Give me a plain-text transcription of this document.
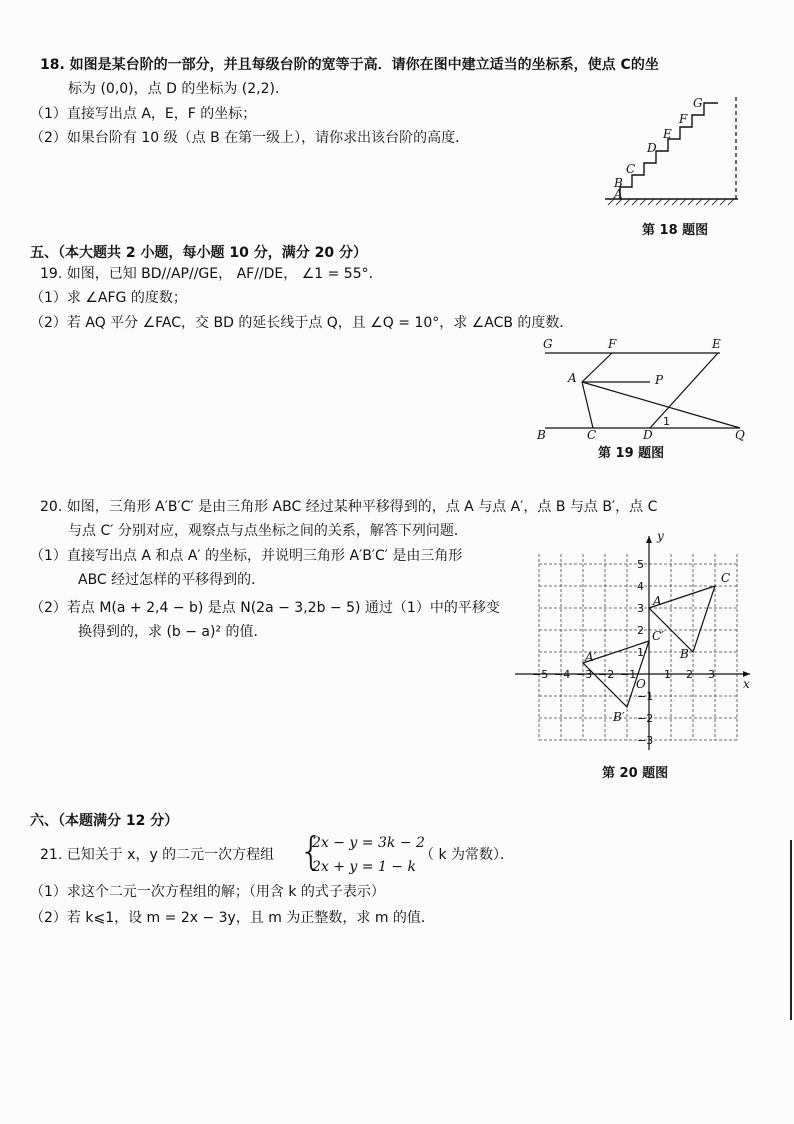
18. 如图是某台阶的一部分，并且每级台阶的宽等于高．请你在图中建立适当的坐标系，使点 C的坐
标为 (0,0)，点 D 的坐标为 (2,2)．
（1）直接写出点 A，E，F 的坐标；
（2）如果台阶有 10 级（点 B 在第一级上），请你求出该台阶的高度．
A
B
C
D
E
F
G
第 18 题图
五、（本大题共 2 小题，每小题 10 分，满分 20 分）
19. 如图，已知 BD//AP//GE， AF//DE， ∠1 = 55°．
（1）求 ∠AFG 的度数；
（2）若 AQ 平分 ∠FAC，交 BD 的延长线于点 Q，且 ∠Q = 10°，求 ∠ACB 的度数．
G	F	E
A	P
B	C	D	Q
1
第 19 题图
20. 如图，三角形 A′B′C′ 是由三角形 ABC 经过某种平移得到的，点 A 与点 A′，点 B 与点 B′，点 C
与点 C′ 分别对应，观察点与点坐标之间的关系，解答下列问题．
（1）直接写出点 A 和点 A′ 的坐标，并说明三角形 A′B′C′ 是由三角形
ABC 经过怎样的平移得到的．
（2）若点 M(a + 2,4 − b) 是点 N(2a − 3,2b − 5) 通过（1）中的平移变
换得到的，求 (b − a)² 的值．
x
y
O
−5 −4 −3 −2 −1	1 2 3
5
4
3
2
1
−1
−2
−3
A
B
C
A′
B′
C′
第 20 题图
六、（本题满分 12 分）
21. 已知关于 x，y 的二元一次方程组 {
2x − y = 3k − 2
2x + y = 1 − k
（ k 为常数）．
（1）求这个二元一次方程组的解；（用含 k 的式子表示）
（2）若 k⩽1，设 m = 2x − 3y，且 m 为正整数，求 m 的值．
